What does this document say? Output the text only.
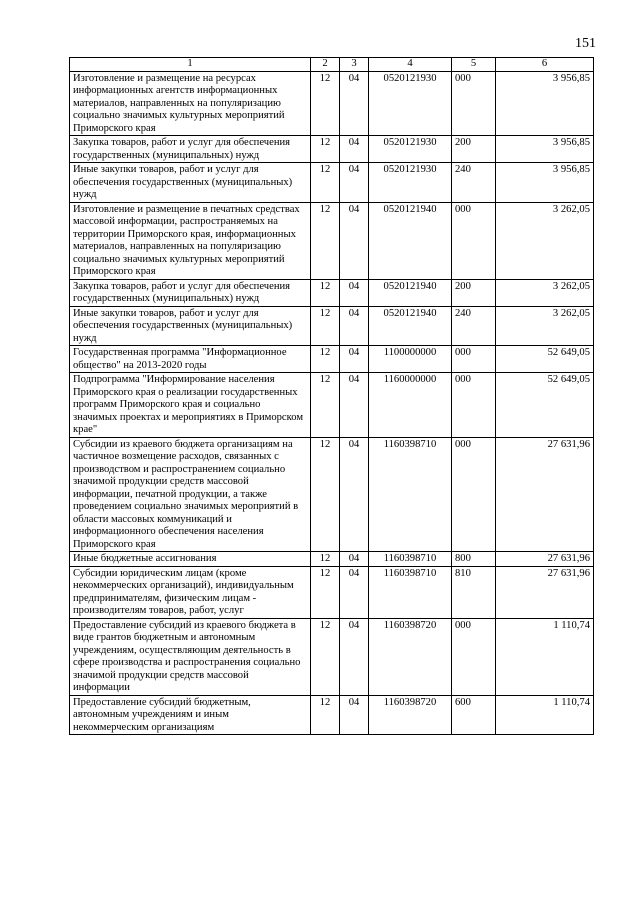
151
1	2	3	4	5	6
Изготовление и размещение на ресурсах информационных агентств информационных материалов, направленных на популяризацию социально значимых культурных мероприятий Приморского края	12	04	0520121930	000	3 956,85
Закупка товаров, работ и услуг для обеспечения государственных (муниципальных) нужд	12	04	0520121930	200	3 956,85
Иные закупки товаров, работ и услуг для обеспечения государственных (муниципальных) нужд	12	04	0520121930	240	3 956,85
Изготовление и размещение в печатных средствах массовой информации, распространяемых на территории Приморского края, информационных материалов, направленных на популяризацию социально значимых культурных мероприятий Приморского края	12	04	0520121940	000	3 262,05
Закупка товаров, работ и услуг для обеспечения государственных (муниципальных) нужд	12	04	0520121940	200	3 262,05
Иные закупки товаров, работ и услуг для обеспечения государственных (муниципальных) нужд	12	04	0520121940	240	3 262,05
Государственная программа "Информационное общество" на 2013-2020 годы	12	04	1100000000	000	52 649,05
Подпрограмма "Информирование населения Приморского края о реализации государственных программ Приморского края и социально значимых проектах и мероприятиях в Приморском крае"	12	04	1160000000	000	52 649,05
Субсидии из краевого бюджета организациям на частичное возмещение расходов, связанных с производством и распространением социально значимой продукции средств массовой информации, печатной продукции, а также проведением социально значимых мероприятий в области массовых коммуникаций и информационного обеспечения населения Приморского края	12	04	1160398710	000	27 631,96
Иные бюджетные ассигнования	12	04	1160398710	800	27 631,96
Субсидии юридическим лицам (кроме некоммерческих организаций), индивидуальным предпринимателям, физическим лицам - производителям товаров, работ, услуг	12	04	1160398710	810	27 631,96
Предоставление субсидий из краевого бюджета в виде грантов бюджетным и автономным учреждениям, осуществляющим деятельность в сфере производства и распространения социально значимой продукции средств массовой информации	12	04	1160398720	000	1 110,74
Предоставление субсидий бюджетным, автономным учреждениям и иным некоммерческим организациям	12	04	1160398720	600	1 110,74
